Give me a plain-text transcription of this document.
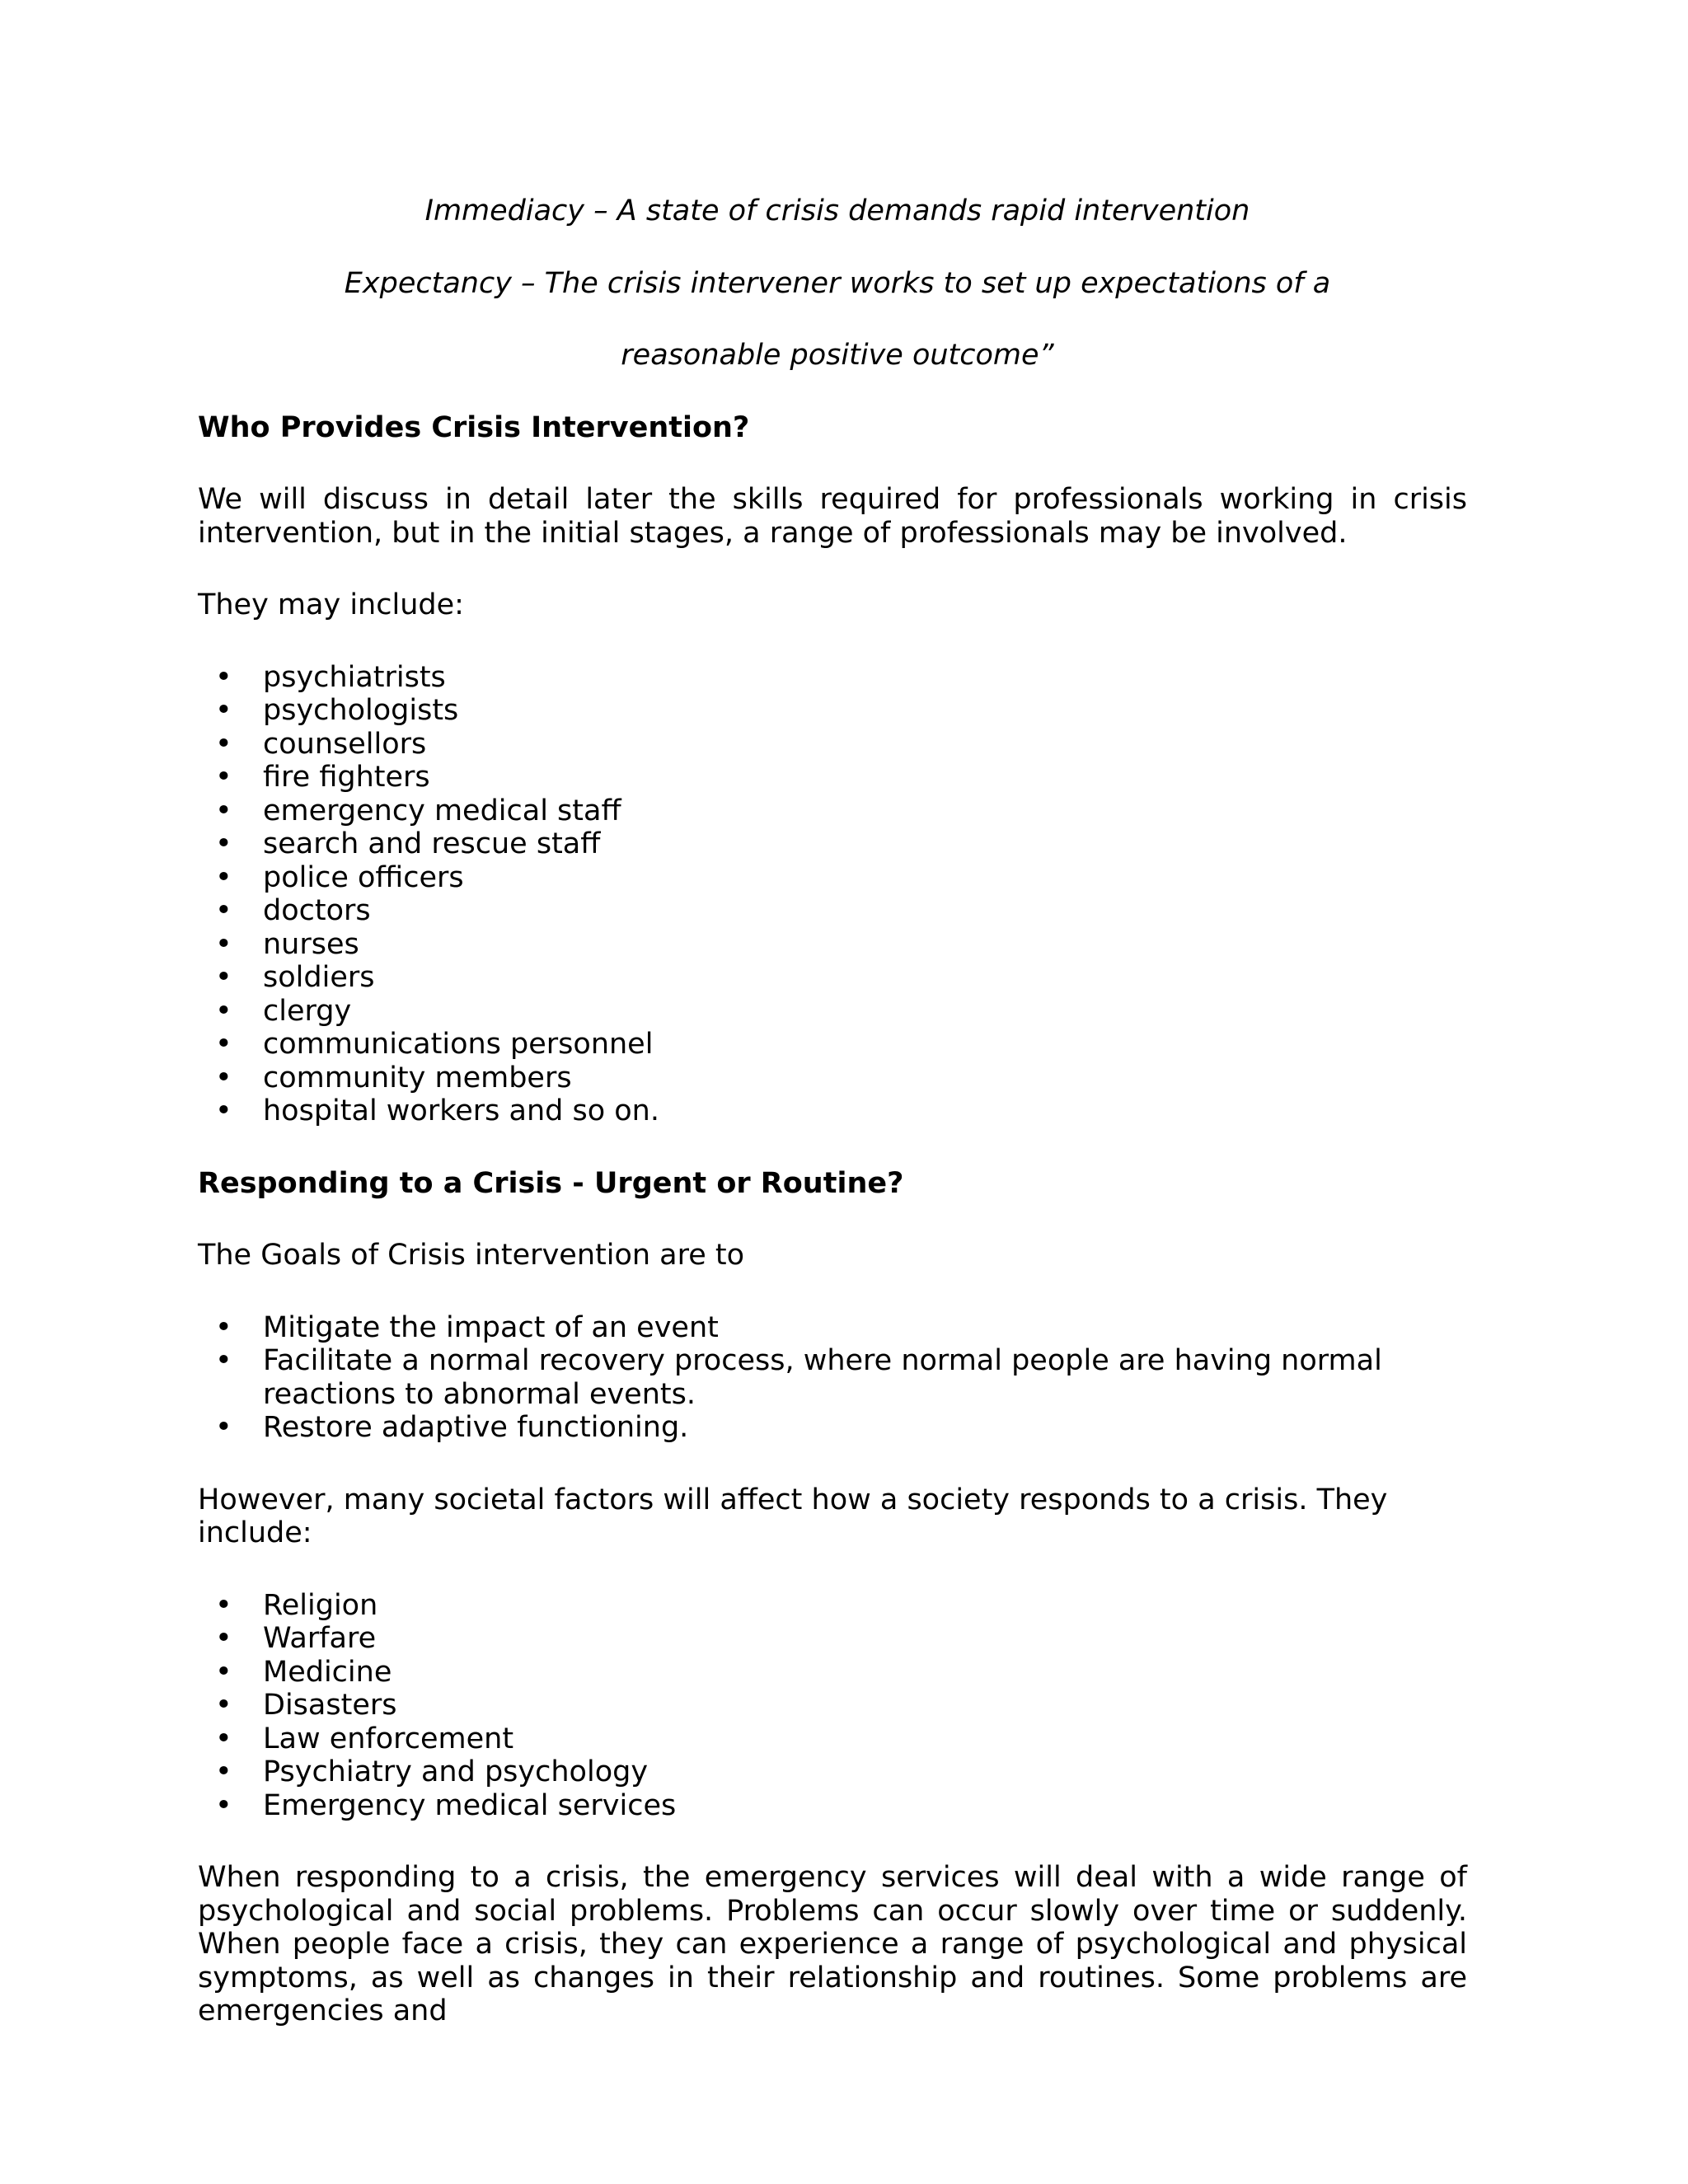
Immediacy – A state of crisis demands rapid intervention

Expectancy – The crisis intervener works to set up expectations of a

reasonable positive outcome”

Who Provides Crisis Intervention?

We will discuss in detail later the skills required for professionals working in crisis intervention, but in the initial stages, a range of professionals may be involved.

They may include:

• psychiatrists
• psychologists
• counsellors
• fire fighters
• emergency medical staff
• search and rescue staff
• police officers
• doctors
• nurses
• soldiers
• clergy
• communications personnel
• community members
• hospital workers and so on.

Responding to a Crisis - Urgent or Routine?

The Goals of Crisis intervention are to

• Mitigate the impact of an event
• Facilitate a normal recovery process, where normal people are having normal reactions to abnormal events.
• Restore adaptive functioning.

However, many societal factors will affect how a society responds to a crisis. They include:

• Religion
• Warfare
• Medicine
• Disasters
• Law enforcement
• Psychiatry and psychology
• Emergency medical services

When responding to a crisis, the emergency services will deal with a wide range of psychological and social problems. Problems can occur slowly over time or suddenly. When people face a crisis, they can experience a range of psychological and physical symptoms, as well as changes in their relationship and routines. Some problems are emergencies and
